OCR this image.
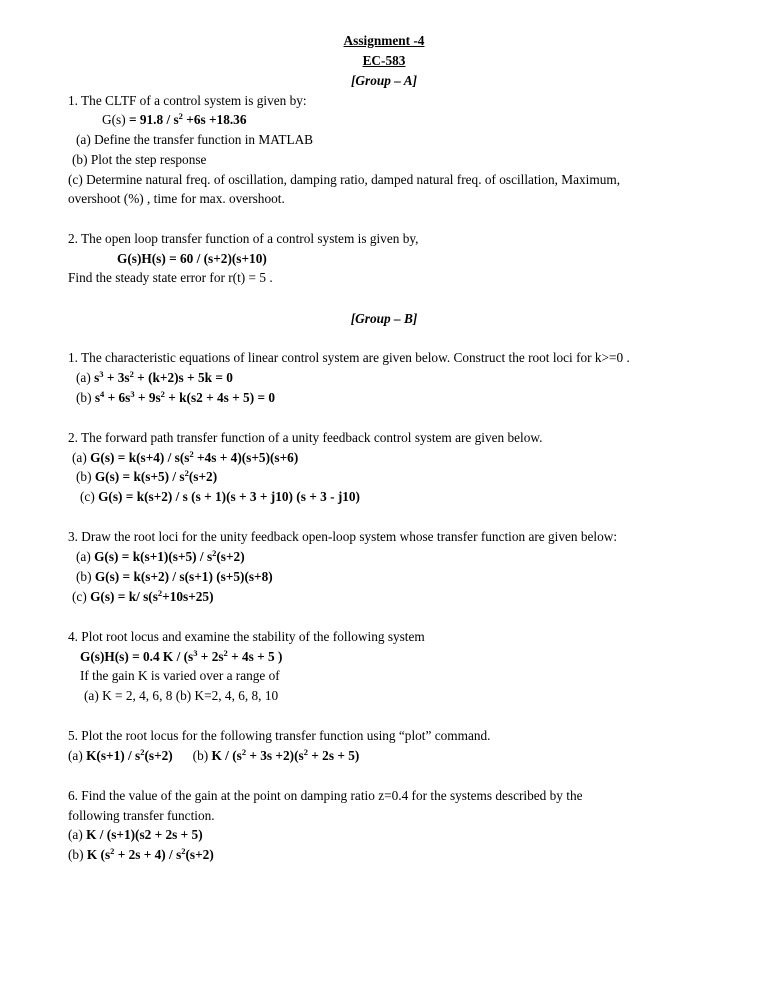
Assignment -4
EC-583
[Group – A]
1. The CLTF of a control system is given by:
$G(s) = 91.8 / s^2 +6s +18.36$
(a) Define the transfer function in MATLAB
(b) Plot the step response
(c) Determine natural freq. of oscillation, damping ratio, damped natural freq. of oscillation, Maximum,
overshoot (%) , time for max. overshoot.
2. The open loop transfer function of a control system is given by,
G(s)H(s) = 60 / (s+2)(s+10)
Find the steady state error for r(t) = 5 .
[Group – B]
1. The characteristic equations of linear control system are given below. Construct the root loci for k>=0 .
(a) $s^3 + 3s^2 + (k+2)s + 5k = 0$
(b) $s^4 + 6s^3 + 9s^2 + k(s2 + 4s + 5) = 0$
2. The forward path transfer function of a unity feedback control system are given below.
(a) $G(s) = k(s+4) / s(s^2 +4s + 4)(s+5)(s+6)$
(b) $G(s) = k(s+5) / s^2(s+2)$
(c) G(s) = k(s+2) / s (s + 1)(s + 3 + j10) (s + 3 - j10)
3. Draw the root loci for the unity feedback open-loop system whose transfer function are given below:
(a) $G(s) = k(s+1)(s+5) / s^2(s+2)$
(b) G(s) = k(s+2) / s(s+1) (s+5)(s+8)
(c) G(s) = k/ $s(s^2+10s+25)$
4. Plot root locus and examine the stability of the following system
G(s)H(s) = 0.4 $K / (s^3 + 2s^2 + 4s + 5$ )
If the gain K is varied over a range of
(a) K = 2, 4, 6, 8 (b) K=2, 4, 6, 8, 10
5. Plot the root locus for the following transfer function using “plot” command.
(a) $K(s+1) / s^2(s+2)$      (b) $K / (s^2 + 3s +2)(s^2 + 2s + 5)$
6. Find the value of the gain at the point on damping ratio z=0.4 for the systems described by the
following transfer function.
(a) K / (s+1)(s2 + 2s + 5)
(b) K $(s^2 + 2s + 4) / s^2(s+2)$
